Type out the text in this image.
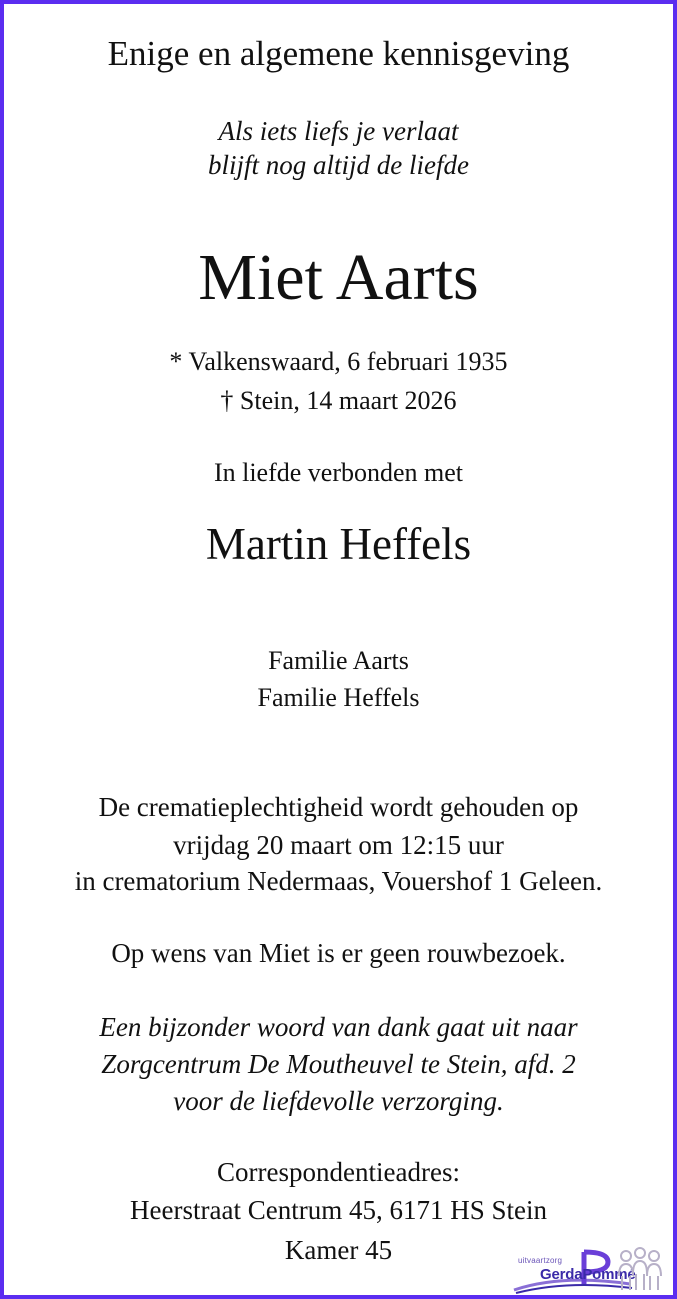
Enige en algemene kennisgeving
Als iets liefs je verlaat
blijft nog altijd de liefde
Miet Aarts
* Valkenswaard, 6 februari 1935
† Stein, 14 maart 2026
In liefde verbonden met
Martin Heffels
Familie Aarts
Familie Heffels
De crematieplechtigheid wordt gehouden op
vrijdag 20 maart om 12:15 uur
in crematorium Nedermaas, Vouershof 1 Geleen.
Op wens van Miet is er geen rouwbezoek.
Een bijzonder woord van dank gaat uit naar
Zorgcentrum De Moutheuvel te Stein, afd. 2
voor de liefdevolle verzorging.
Correspondentieadres:
Heerstraat Centrum 45, 6171 HS Stein
Kamer 45	uitvaartzorg
GerdaPommé
